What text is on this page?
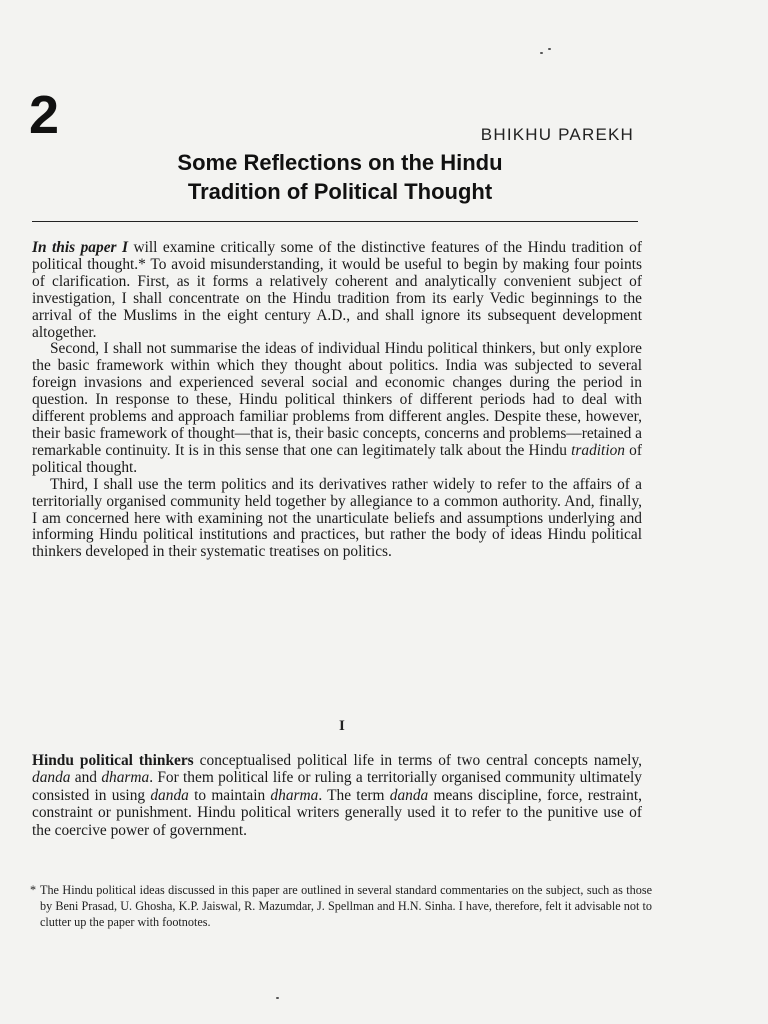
2	BHIKHU PAREKH
Some Reflections on the Hindu
Tradition of Political Thought

In this paper I will examine critically some of the distinctive features of the Hindu tradition of political thought.* To avoid misunderstanding, it would be useful to begin by making four points of clarification. First, as it forms a relatively coherent and analytically convenient subject of investigation, I shall concentrate on the Hindu tradition from its early Vedic beginnings to the arrival of the Muslims in the eight century A.D., and shall ignore its subsequent development altogether.

Second, I shall not summarise the ideas of individual Hindu political thinkers, but only explore the basic framework within which they thought about politics. India was subjected to several foreign invasions and experienced several social and economic changes during the period in question. In response to these, Hindu political thinkers of different periods had to deal with different problems and approach familiar problems from different angles. Despite these, however, their basic framework of thought—that is, their basic concepts, concerns and problems—retained a remarkable continuity. It is in this sense that one can legitimately talk about the Hindu tradition of political thought.

Third, I shall use the term politics and its derivatives rather widely to refer to the affairs of a territorially organised community held together by allegiance to a common authority. And, finally, I am concerned here with examining not the unarticulate beliefs and assumptions underlying and informing Hindu political institutions and practices, but rather the body of ideas Hindu political thinkers developed in their systematic treatises on politics.

I

Hindu political thinkers conceptualised political life in terms of two central concepts namely, danda and dharma. For them political life or ruling a territorially organised community ultimately consisted in using danda to maintain dharma. The term danda means discipline, force, restraint, constraint or punishment. Hindu political writers generally used it to refer to the punitive use of the coercive power of government.

* The Hindu political ideas discussed in this paper are outlined in several standard commentaries on the subject, such as those by Beni Prasad, U. Ghosha, K.P. Jaiswal, R. Mazumdar, J. Spellman and H.N. Sinha. I have, therefore, felt it advisable not to clutter up the paper with footnotes.
